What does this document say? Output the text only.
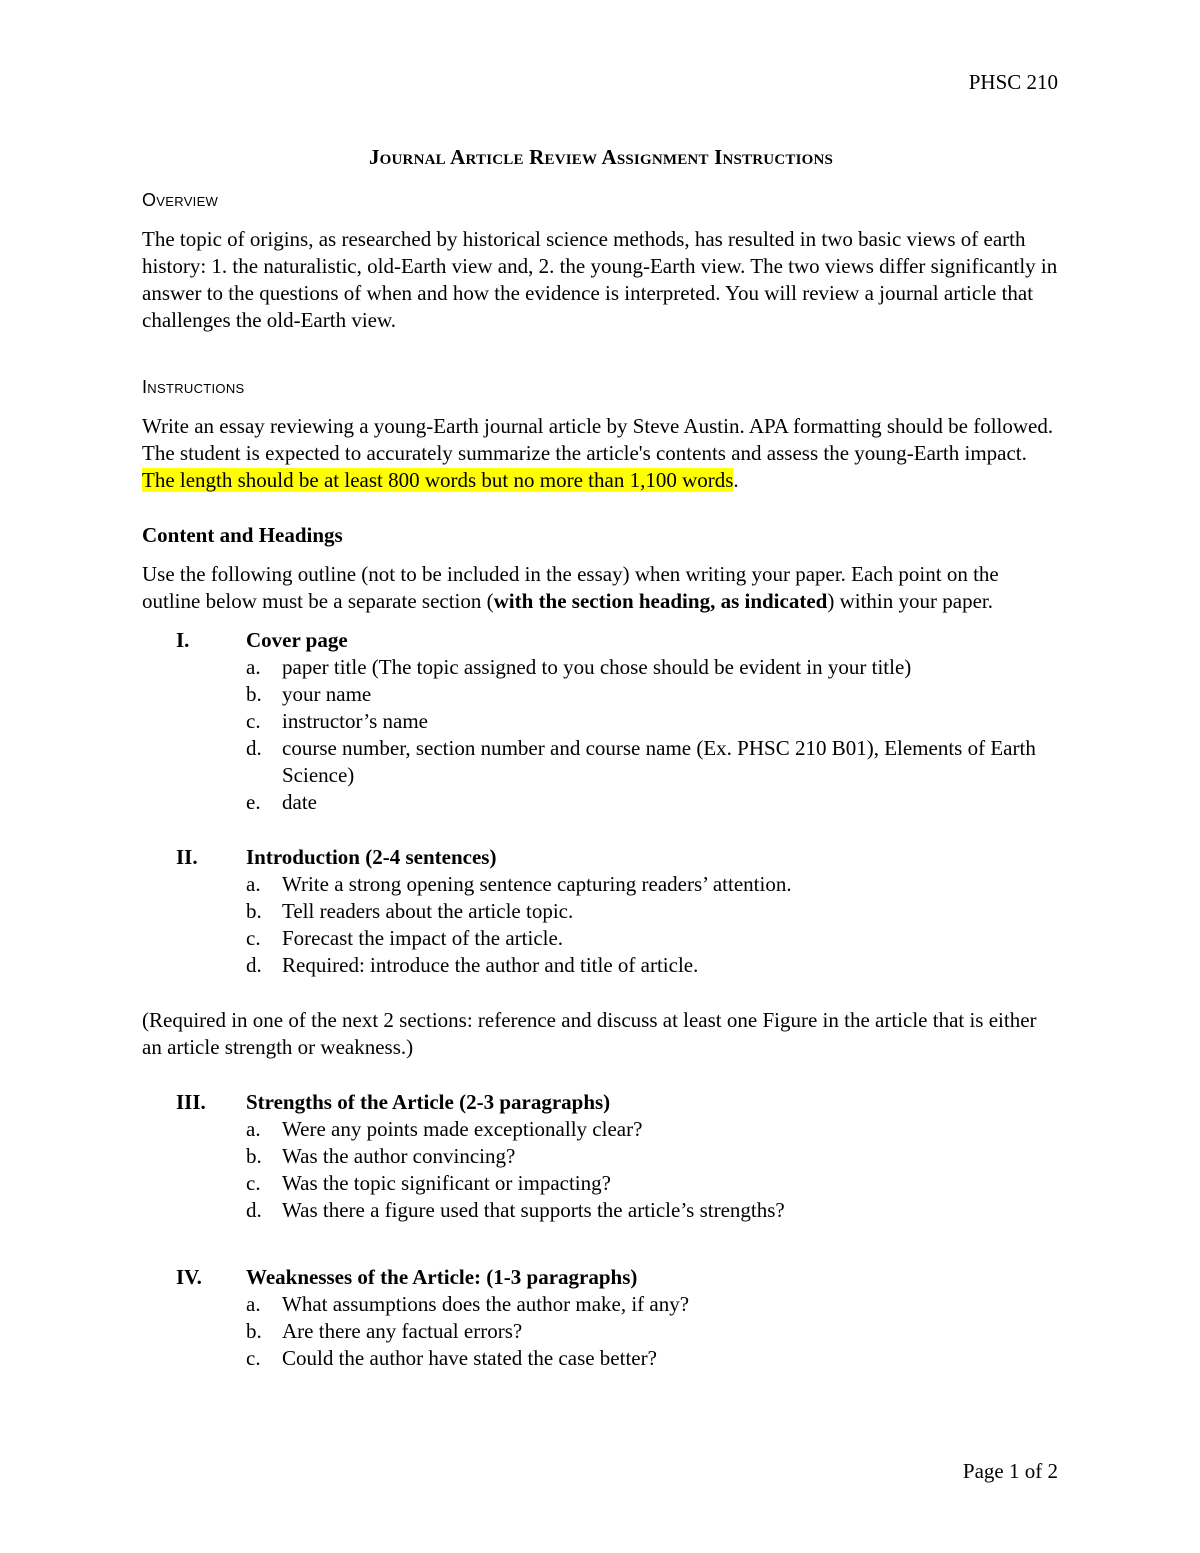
PHSC 210
Journal Article Review Assignment Instructions
Overview

The topic of origins, as researched by historical science methods, has resulted in two basic views of earth history: 1. the naturalistic, old-Earth view and, 2. the young-Earth view. The two views differ significantly in answer to the questions of when and how the evidence is interpreted. You will review a journal article that challenges the old-Earth view.

Instructions

Write an essay reviewing a young-Earth journal article by Steve Austin. APA formatting should be followed. The student is expected to accurately summarize the article's contents and assess the young-Earth impact. The length should be at least 800 words but no more than 1,100 words.

Content and Headings

Use the following outline (not to be included in the essay) when writing your paper. Each point on the outline below must be a separate section (with the section heading, as indicated) within your paper.

I.	Cover page
a.	paper title (The topic assigned to you chose should be evident in your title)
b. your name
c.	instructor’s name
d. course number, section number and course name (Ex. PHSC 210 B01), Elements of Earth Science)
e.	date
II.	Introduction (2-4 sentences)
a.	Write a strong opening sentence capturing readers’ attention.
b. Tell readers about the article topic.
c.	Forecast the impact of the article.
d. Required: introduce the author and title of article.

(Required in one of the next 2 sections: reference and discuss at least one Figure in the article that is either an article strength or weakness.)

III.	Strengths of the Article (2-3 paragraphs)
a.	Were any points made exceptionally clear?
b. Was the author convincing?
c.	Was the topic significant or impacting?
d. Was there a figure used that supports the article’s strengths?
IV.	Weaknesses of the Article: (1-3 paragraphs)
a.	What assumptions does the author make, if any?
b. Are there any factual errors?
c.	Could the author have stated the case better?
Page 1 of 2
